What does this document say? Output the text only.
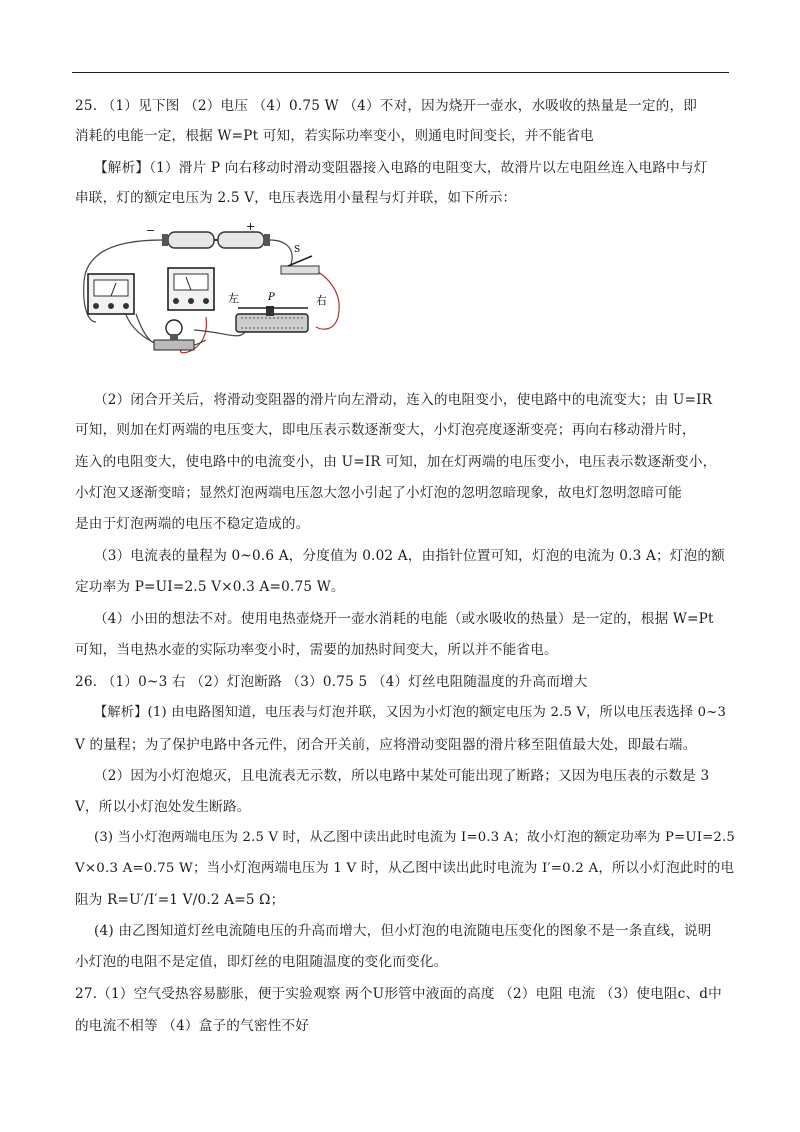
25. （1）见下图 （2）电压 （4）0.75 W （4）不对，因为烧开一壶水，水吸收的热量是一定的，即
消耗的电能一定，根据 W=Pt 可知，若实际功率变小，则通电时间变长，并不能省电
【解析】（1）滑片 P 向右移动时滑动变阻器接入电路的电阻变大，故滑片以左电阻丝连入电路中与灯
串联，灯的额定电压为 2.5 V，电压表选用小量程与灯并联，如下所示：
−	+
S
左	P	右
（2）闭合开关后，将滑动变阻器的滑片向左滑动，连入的电阻变小，使电路中的电流变大；由 U=IR
可知，则加在灯两端的电压变大，即电压表示数逐渐变大，小灯泡亮度逐渐变亮；再向右移动滑片时，
连入的电阻变大，使电路中的电流变小，由 U=IR 可知，加在灯两端的电压变小，电压表示数逐渐变小，
小灯泡又逐渐变暗；显然灯泡两端电压忽大忽小引起了小灯泡的忽明忽暗现象，故电灯忽明忽暗可能
是由于灯泡两端的电压不稳定造成的。
（3）电流表的量程为 0~0.6 A，分度值为 0.02 A，由指针位置可知，灯泡的电流为 0.3 A；灯泡的额
定功率为 P=UI=2.5 V×0.3 A=0.75 W。
（4）小田的想法不对。使用电热壶烧开一壶水消耗的电能（或水吸收的热量）是一定的，根据 W=Pt
可知，当电热水壶的实际功率变小时，需要的加热时间变大，所以并不能省电。
26. （1）0~3 右 （2）灯泡断路 （3）0.75 5 （4）灯丝电阻随温度的升高而增大
【解析】(1) 由电路图知道，电压表与灯泡并联，又因为小灯泡的额定电压为 2.5 V，所以电压表选择 0~3
V 的量程；为了保护电路中各元件，闭合开关前，应将滑动变阻器的滑片移至阻值最大处，即最右端。
（2）因为小灯泡熄灭，且电流表无示数，所以电路中某处可能出现了断路；又因为电压表的示数是 3
V，所以小灯泡处发生断路。
(3) 当小灯泡两端电压为 2.5 V 时，从乙图中读出此时电流为 I=0.3 A；故小灯泡的额定功率为 P=UI=2.5
V×0.3 A=0.75 W；当小灯泡两端电压为 1 V 时，从乙图中读出此时电流为 I′=0.2 A，所以小灯泡此时的电
阻为 R=U′/I′=1 V/0.2 A=5 Ω；
(4) 由乙图知道灯丝电流随电压的升高而增大，但小灯泡的电流随电压变化的图象不是一条直线，说明
小灯泡的电阻不是定值，即灯丝的电阻随温度的变化而变化。
27.（1）空气受热容易膨胀，便于实验观察 两个U形管中液面的高度 （2）电阻 电流 （3）使电阻c、d中
的电流不相等 （4）盒子的气密性不好
